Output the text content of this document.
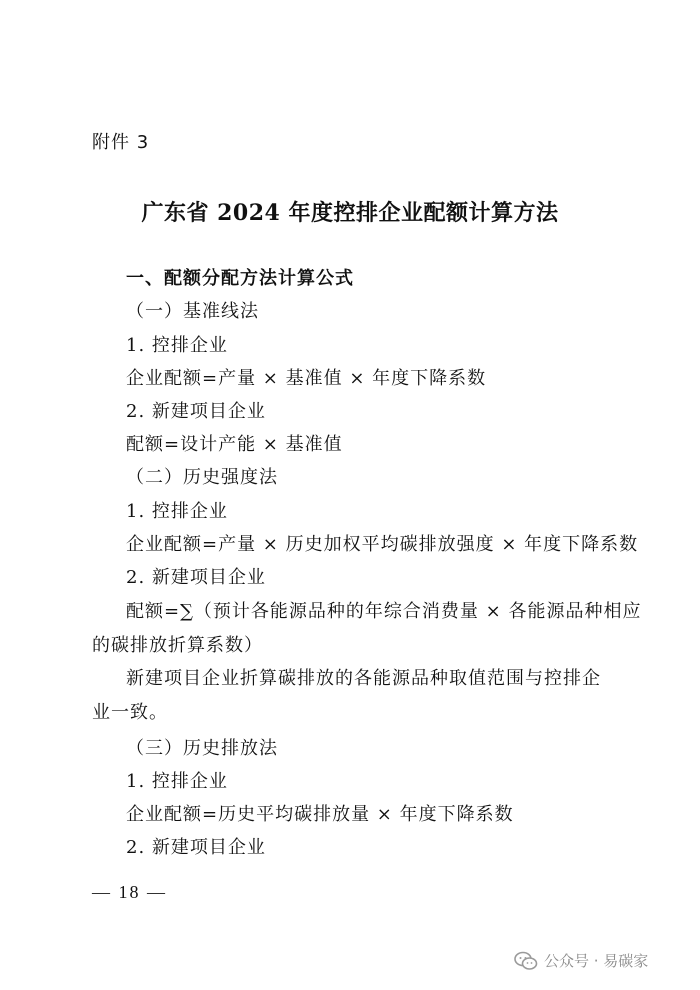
附件 3
广东省 2024 年度控排企业配额计算方法
一、配额分配方法计算公式
（一）基准线法
1. 控排企业
企业配额=产量 × 基准值 × 年度下降系数
2. 新建项目企业
配额=设计产能 × 基准值
（二）历史强度法
1. 控排企业
企业配额=产量 × 历史加权平均碳排放强度 × 年度下降系数
2. 新建项目企业
配额=∑（预计各能源品种的年综合消费量 × 各能源品种相应
的碳排放折算系数）
新建项目企业折算碳排放的各能源品种取值范围与控排企
业一致。
（三）历史排放法
1. 控排企业
企业配额=历史平均碳排放量 × 年度下降系数
2. 新建项目企业
— 18 —
公众号 · 易碳家
